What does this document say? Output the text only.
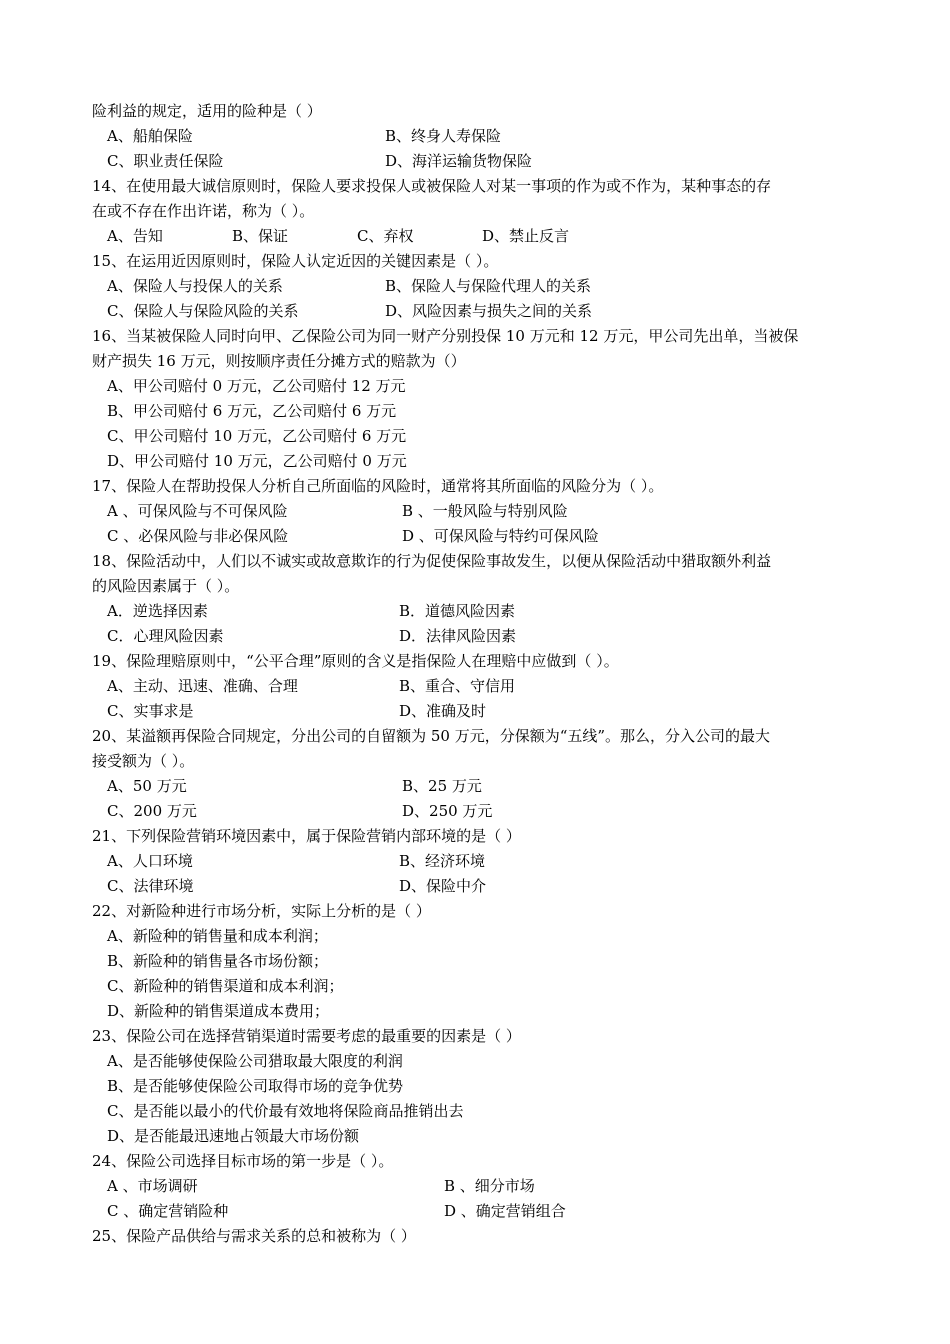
险利益的规定，适用的险种是（ ）
A、船舶保险	B、终身人寿保险
C、职业责任保险	D、海洋运输货物保险
14、在使用最大诚信原则时，保险人要求投保人或被保险人对某一事项的作为或不作为，某种事态的存
在或不存在作出许诺，称为（ ）。
A、告知	B、保证	C、弃权	D、禁止反言
15、在运用近因原则时，保险人认定近因的关键因素是（ ）。
A、保险人与投保人的关系	B、保险人与保险代理人的关系
C、保险人与保险风险的关系	D、风险因素与损失之间的关系
16、当某被保险人同时向甲、乙保险公司为同一财产分别投保 10 万元和 12 万元，甲公司先出单，当被保
财产损失 16 万元，则按顺序责任分摊方式的赔款为（）
A、甲公司赔付 0 万元，乙公司赔付 12 万元
B、甲公司赔付 6 万元，乙公司赔付 6 万元
C、甲公司赔付 10 万元，乙公司赔付 6 万元
D、甲公司赔付 10 万元，乙公司赔付 0 万元
17、保险人在帮助投保人分析自己所面临的风险时，通常将其所面临的风险分为（ ）。
A 、可保风险与不可保风险	B 、一般风险与特别风险
C 、必保风险与非必保风险	D 、可保风险与特约可保风险
18、保险活动中，人们以不诚实或故意欺诈的行为促使保险事故发生，以便从保险活动中猎取额外利益
的风险因素属于（ ）。
A．逆选择因素	B．道德风险因素
C．心理风险因素	D．法律风险因素
19、保险理赔原则中，“公平合理”原则的含义是指保险人在理赔中应做到（ ）。
A、主动、迅速、准确、合理	B、重合、守信用
C、实事求是	D、准确及时
20、某溢额再保险合同规定，分出公司的自留额为 50 万元，分保额为“五线”。那么，分入公司的最大
接受额为（ ）。
A、50 万元	B、25 万元
C、200 万元	D、250 万元
21、下列保险营销环境因素中，属于保险营销内部环境的是（ ）
A、人口环境	B、经济环境
C、法律环境	D、保险中介
22、对新险种进行市场分析，实际上分析的是（ ）
A、新险种的销售量和成本利润；
B、新险种的销售量各市场份额；
C、新险种的销售渠道和成本利润；
D、新险种的销售渠道成本费用；
23、保险公司在选择营销渠道时需要考虑的最重要的因素是（ ）
A、是否能够使保险公司猎取最大限度的利润
B、是否能够使保险公司取得市场的竞争优势
C、是否能以最小的代价最有效地将保险商品推销出去
D、是否能最迅速地占领最大市场份额
24、保险公司选择目标市场的第一步是（ ）。
A 、市场调研	B 、细分市场
C 、确定营销险种	D 、确定营销组合
25、保险产品供给与需求关系的总和被称为（ ）
